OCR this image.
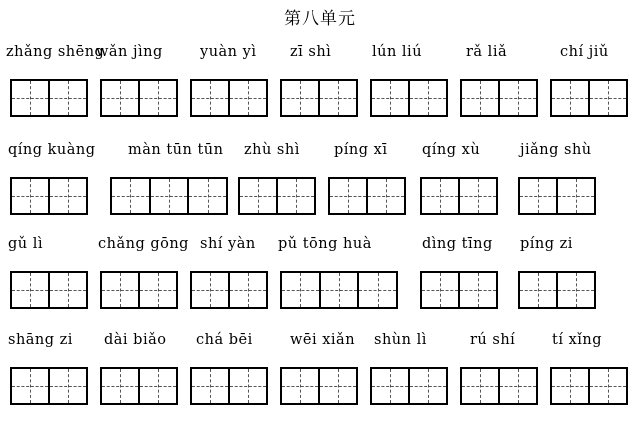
第八单元
zhǎng shēng
wǎn jìng	yuàn yì zī shì	lún liú	rǎ liǎ	chí jiǔ
qíng kuàng màn tūn tūn zhù shì píng xī qíng xù	jiǎng shù
gǔ lì	chǎng gōng shí yàn pǔ tōng huà	dìng tīng píng zi
shāng zi dài biǎo chá bēi	wēi xiǎn shùn lì	rú shí	tí xǐng
